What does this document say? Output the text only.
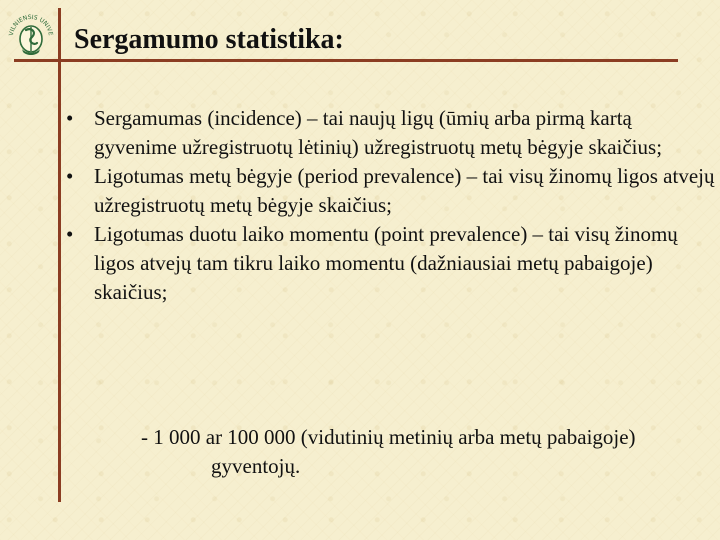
VILNIENSIS UNIVE Sergamumo statistika:
• Sergamumas (incidence) – tai naujų ligų (ūmių arba pirmą kartą gyvenime užregistruotų lėtinių) užregistruotų metų bėgyje skaičius;
• Ligotumas metų bėgyje (period prevalence) – tai visų žinomų ligos atvejų užregistruotų metų bėgyje skaičius;
• Ligotumas duotu laiko momentu (point prevalence) – tai visų žinomų ligos atvejų tam tikru laiko momentu (dažniausiai metų pabaigoje) skaičius;

- 1 000 ar 100 000 (vidutinių metinių arba metų pabaigoje)
gyventojų.
